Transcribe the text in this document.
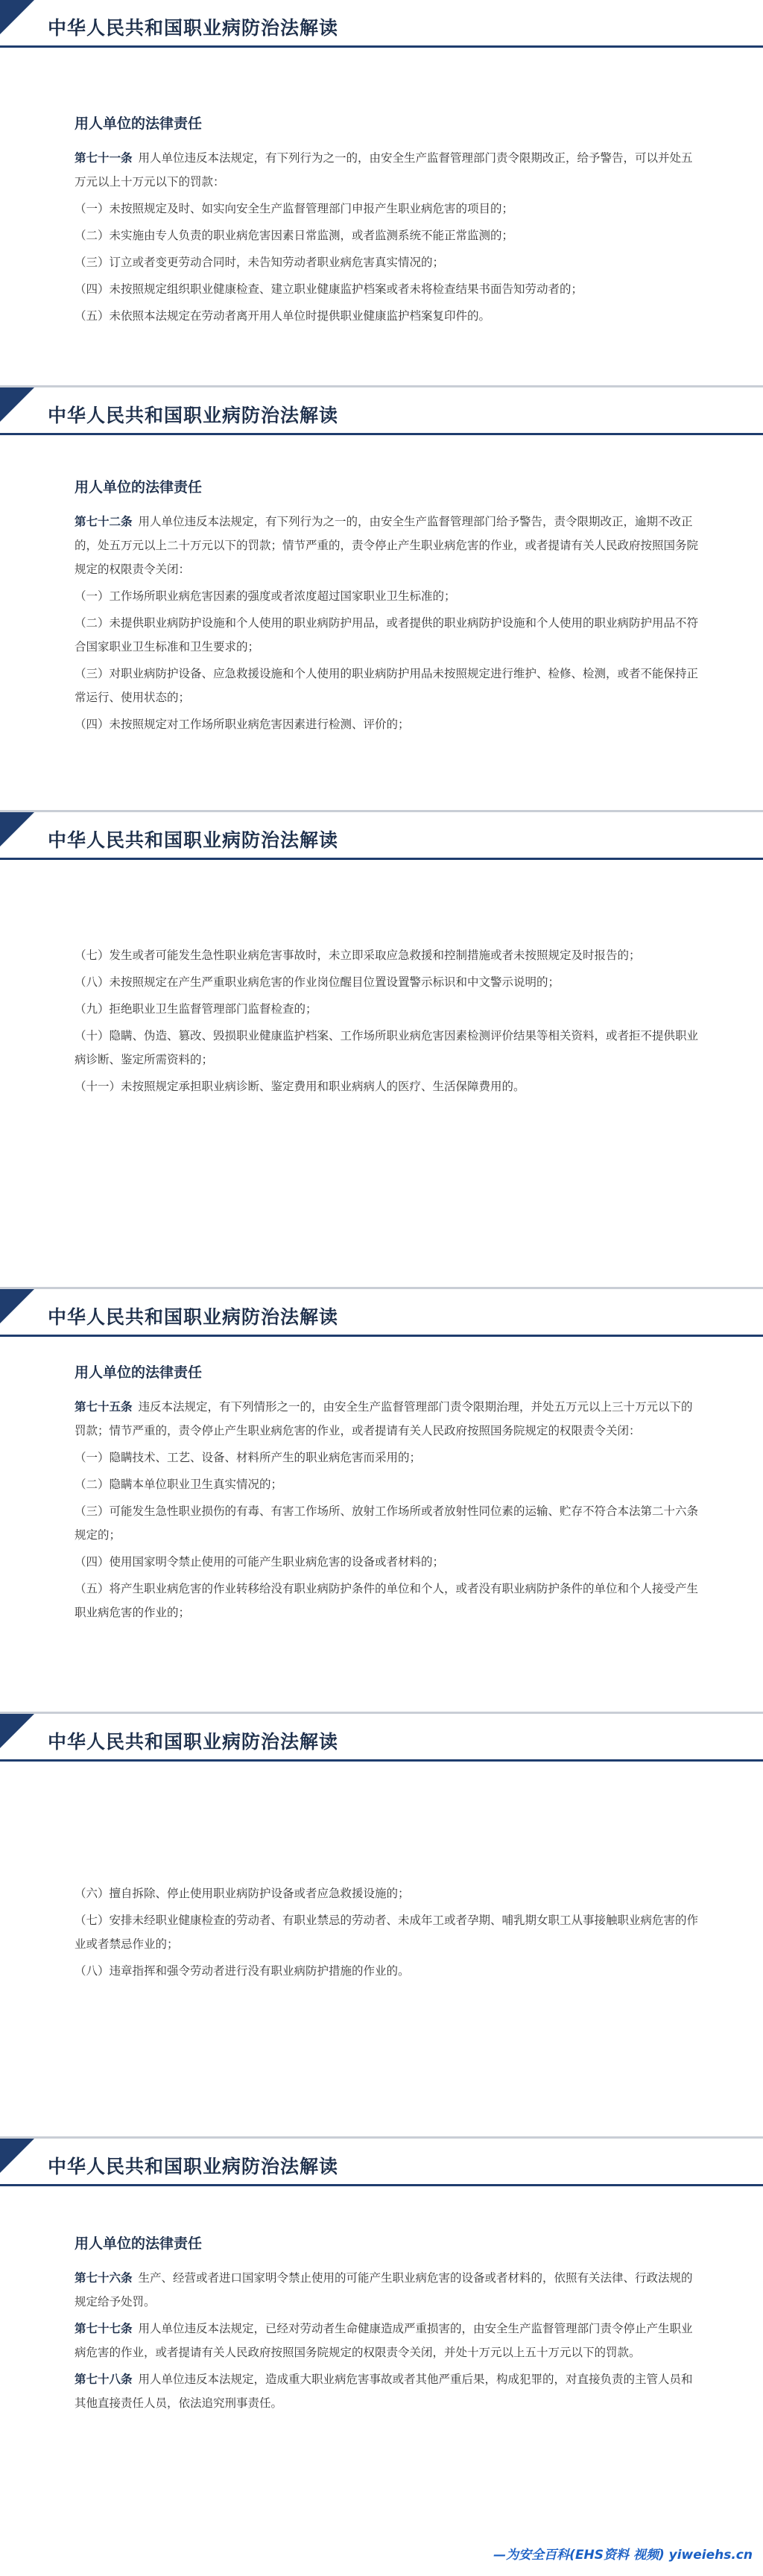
中华人民共和国职业病防治法解读
用人单位的法律责任

第七十一条 用人单位违反本法规定，有下列行为之一的，由安全生产监督管理部门责令限期改正，给予警告，可以并处五万元以上十万元以下的罚款：

（一）未按照规定及时、如实向安全生产监督管理部门申报产生职业病危害的项目的；

（二）未实施由专人负责的职业病危害因素日常监测，或者监测系统不能正常监测的；

（三）订立或者变更劳动合同时，未告知劳动者职业病危害真实情况的；

（四）未按照规定组织职业健康检查、建立职业健康监护档案或者未将检查结果书面告知劳动者的；

（五）未依照本法规定在劳动者离开用人单位时提供职业健康监护档案复印件的。

中华人民共和国职业病防治法解读
用人单位的法律责任

第七十二条 用人单位违反本法规定，有下列行为之一的，由安全生产监督管理部门给予警告，责令限期改正，逾期不改正的，处五万元以上二十万元以下的罚款；情节严重的，责令停止产生职业病危害的作业，或者提请有关人民政府按照国务院规定的权限责令关闭：

（一）工作场所职业病危害因素的强度或者浓度超过国家职业卫生标准的；

（二）未提供职业病防护设施和个人使用的职业病防护用品，或者提供的职业病防护设施和个人使用的职业病防护用品不符合国家职业卫生标准和卫生要求的；

（三）对职业病防护设备、应急救援设施和个人使用的职业病防护用品未按照规定进行维护、检修、检测，或者不能保持正常运行、使用状态的；

（四）未按照规定对工作场所职业病危害因素进行检测、评价的；

中华人民共和国职业病防治法解读

（七）发生或者可能发生急性职业病危害事故时，未立即采取应急救援和控制措施或者未按照规定及时报告的；

（八）未按照规定在产生严重职业病危害的作业岗位醒目位置设置警示标识和中文警示说明的；

（九）拒绝职业卫生监督管理部门监督检查的；

（十）隐瞒、伪造、篡改、毁损职业健康监护档案、工作场所职业病危害因素检测评价结果等相关资料，或者拒不提供职业病诊断、鉴定所需资料的；

（十一）未按照规定承担职业病诊断、鉴定费用和职业病病人的医疗、生活保障费用的。

中华人民共和国职业病防治法解读
用人单位的法律责任

第七十五条 违反本法规定，有下列情形之一的，由安全生产监督管理部门责令限期治理，并处五万元以上三十万元以下的罚款；情节严重的，责令停止产生职业病危害的作业，或者提请有关人民政府按照国务院规定的权限责令关闭：

（一）隐瞒技术、工艺、设备、材料所产生的职业病危害而采用的；

（二）隐瞒本单位职业卫生真实情况的；

（三）可能发生急性职业损伤的有毒、有害工作场所、放射工作场所或者放射性同位素的运输、贮存不符合本法第二十六条规定的；

（四）使用国家明令禁止使用的可能产生职业病危害的设备或者材料的；

（五）将产生职业病危害的作业转移给没有职业病防护条件的单位和个人，或者没有职业病防护条件的单位和个人接受产生职业病危害的作业的；

中华人民共和国职业病防治法解读

（六）擅自拆除、停止使用职业病防护设备或者应急救援设施的；

（七）安排未经职业健康检查的劳动者、有职业禁忌的劳动者、未成年工或者孕期、哺乳期女职工从事接触职业病危害的作业或者禁忌作业的；

（八）违章指挥和强令劳动者进行没有职业病防护措施的作业的。

中华人民共和国职业病防治法解读
用人单位的法律责任

第七十六条 生产、经营或者进口国家明令禁止使用的可能产生职业病危害的设备或者材料的，依照有关法律、行政法规的规定给予处罚。

第七十七条 用人单位违反本法规定，已经对劳动者生命健康造成严重损害的，由安全生产监督管理部门责令停止产生职业病危害的作业，或者提请有关人民政府按照国务院规定的权限责令关闭，并处十万元以上五十万元以下的罚款。

第七十八条 用人单位违反本法规定，造成重大职业病危害事故或者其他严重后果，构成犯罪的，对直接负责的主管人员和其他直接责任人员，依法追究刑事责任。

—为安全百科(EHS资料 视频) yiweiehs.cn
